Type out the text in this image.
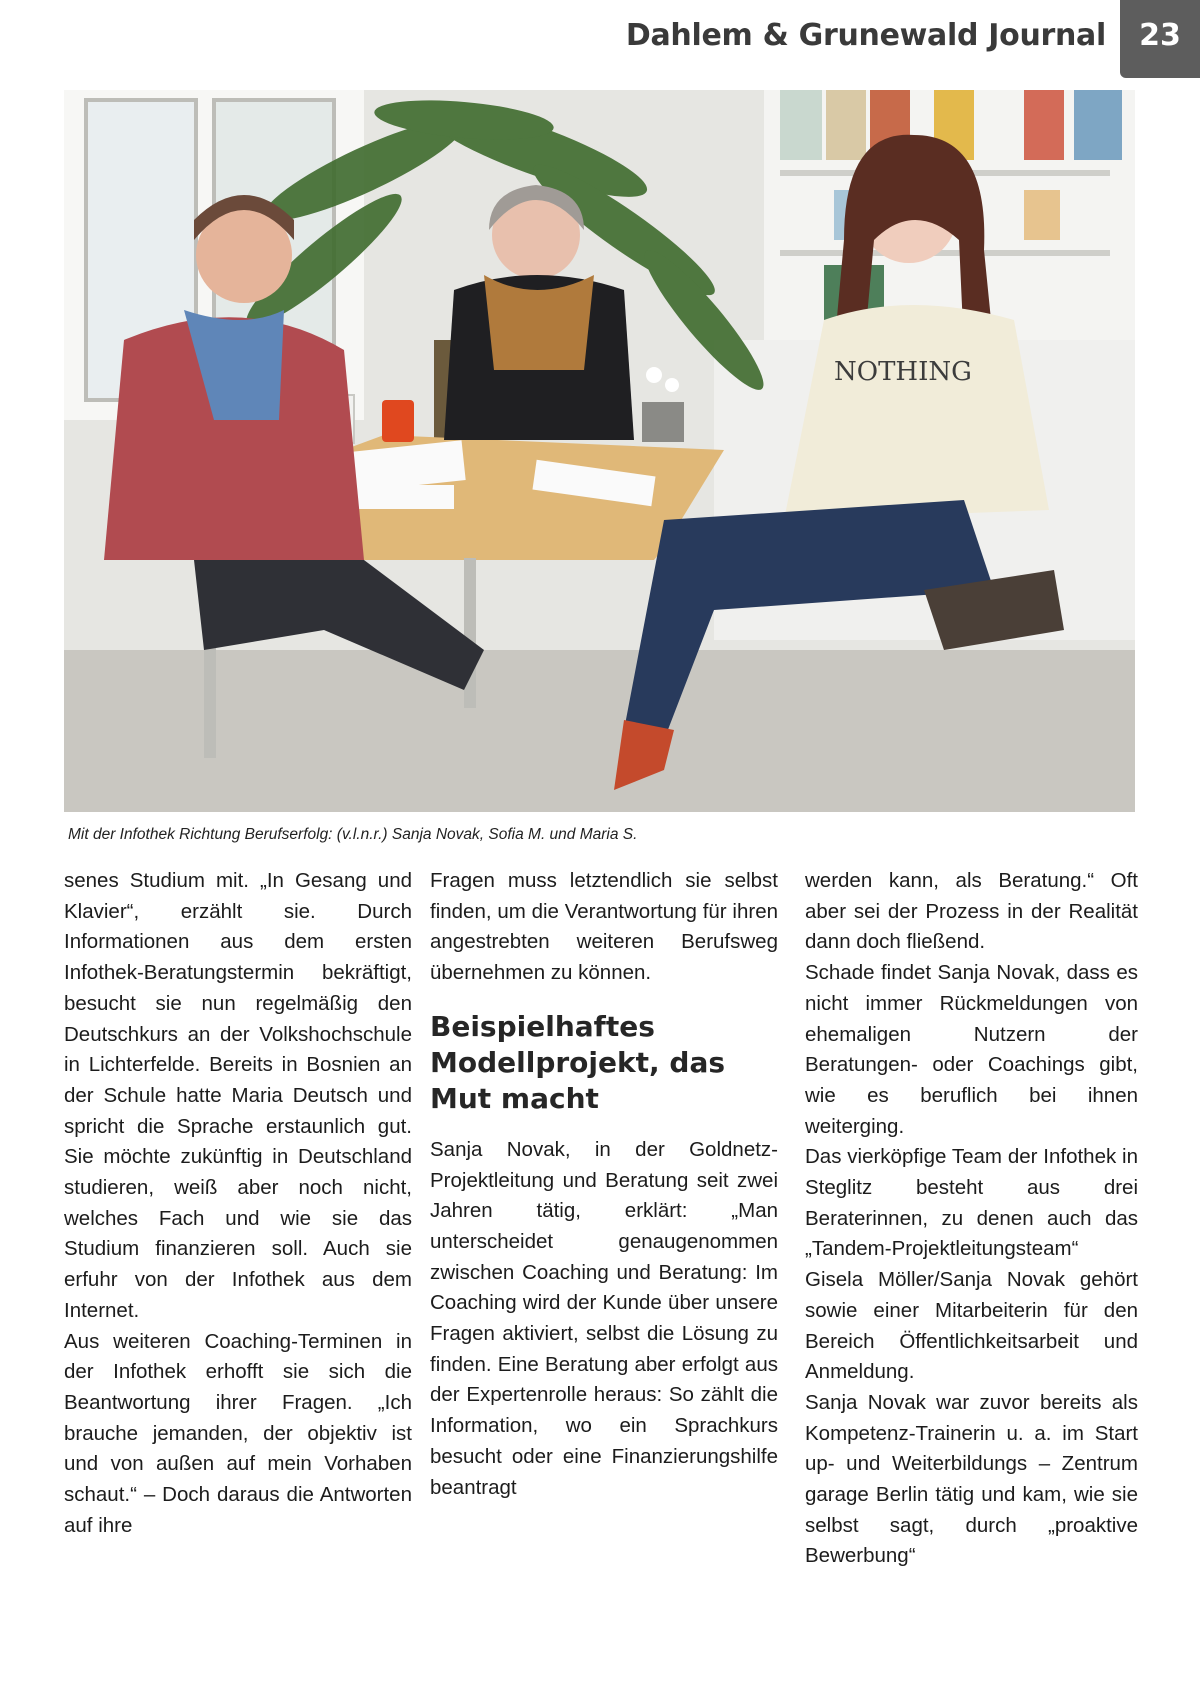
Dahlem & Grunewald Journal	23
NOTHING
Mit der Infothek Richtung Berufserfolg: (v.l.n.r.) Sanja Novak, Sofia M. und Maria S.

senes Studium mit. „In Gesang und Klavier“, erzählt sie. Durch Informationen aus dem ersten Infothek-Beratungstermin bekräftigt, besucht sie nun regelmäßig den Deutschkurs an der Volkshochschule in Lichterfelde. Bereits in Bosnien an der Schule hatte Maria Deutsch und spricht die Sprache erstaunlich gut. Sie möchte zukünftig in Deutschland studieren, weiß aber noch nicht, welches Fach und wie sie das Studium finanzieren soll. Auch sie erfuhr von der Infothek aus dem Internet.

Aus weiteren Coaching-Terminen in der Infothek erhofft sie sich die Beantwortung ihrer Fragen. „Ich brauche jemanden, der objektiv ist und von außen auf mein Vorhaben schaut.“ – Doch daraus die Antworten auf ihre

Fragen muss letztendlich sie selbst finden, um die Verantwortung für ihren angestrebten weiteren Berufsweg übernehmen zu können.

Beispielhaftes Modellprojekt, das Mut macht

Sanja Novak, in der Goldnetz-Projektleitung und Beratung seit zwei Jahren tätig, erklärt: „Man unterscheidet genaugenommen zwischen Coaching und Beratung: Im Coaching wird der Kunde über unsere Fragen aktiviert, selbst die Lösung zu finden. Eine Beratung aber erfolgt aus der Expertenrolle heraus: So zählt die Information, wo ein Sprachkurs besucht oder eine Finanzierungshilfe beantragt

werden kann, als Beratung.“ Oft aber sei der Prozess in der Realität dann doch fließend.

Schade findet Sanja Novak, dass es nicht immer Rückmeldungen von ehemaligen Nutzern der Beratungen- oder Coachings gibt, wie es beruflich bei ihnen weiterging.

Das vierköpfige Team der Infothek in Steglitz besteht aus drei Beraterinnen, zu denen auch das „Tandem-Projektleitungsteam“ Gisela Möller/Sanja Novak gehört sowie einer Mitarbeiterin für den Bereich Öffentlichkeitsarbeit und Anmeldung.

Sanja Novak war zuvor bereits als Kompetenz-Trainerin u. a. im Start up- und Weiterbildungs – Zentrum garage Berlin tätig und kam, wie sie selbst sagt, durch „proaktive Bewerbung“
